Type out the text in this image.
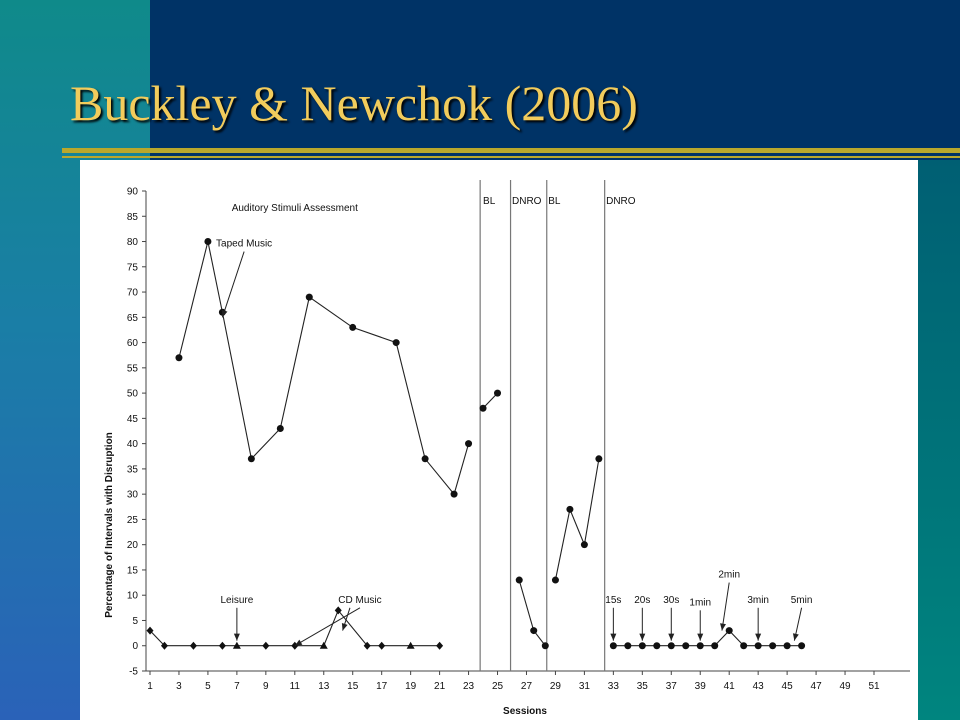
Buckley & Newchok (2006)
-5
0
5
10
15
20
25
30
35
40
45
50
55
60
65
70
75
80
85
90
1 3 5 7 9 11 13 15 17 19 21 23 25 27 29 31 33 35 37 39 41 43 45 47 49 51
BL DNRO BL	DNRO
Auditory Stimuli Assessment
Taped Music
Leisure	CD Music	15s 20s 30s 1min
2min
3min 5min
Sessions
Percentage of Intervals with Disruption
